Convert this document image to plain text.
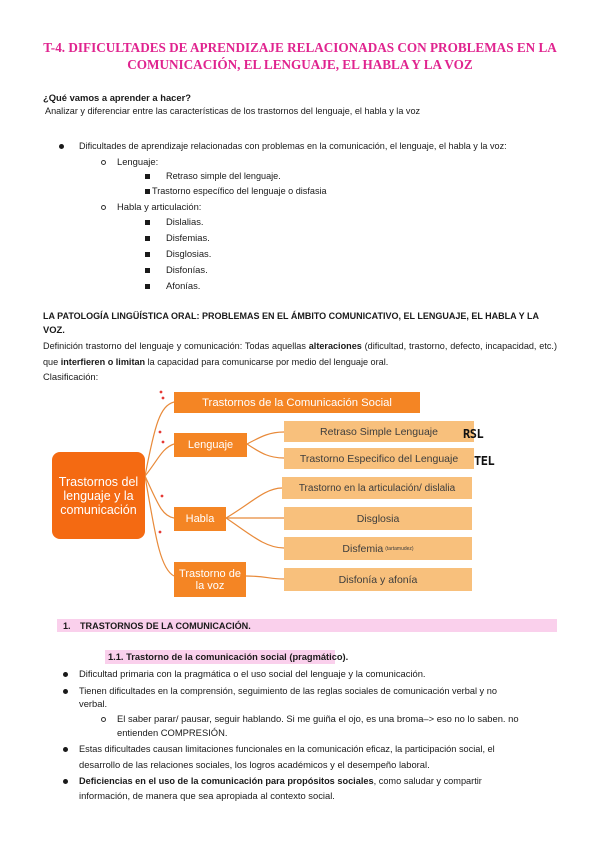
T-4. DIFICULTADES DE APRENDIZAJE RELACIONADAS CON PROBLEMAS EN LA
COMUNICACIÓN, EL LENGUAJE, EL HABLA Y LA VOZ
¿Qué vamos a aprender a hacer?
Analizar y diferenciar entre las características de los trastornos del lenguaje, el habla y la voz
Dificultades de aprendizaje relacionadas con problemas en la comunicación, el lenguaje, el habla y la voz:
Lenguaje:
Retraso simple del lenguaje.
Trastorno específico del lenguaje o disfasia
Habla y articulación:
Dislalias.
Disfemias.
Disglosias.
Disfonías.
Afonías.
LA PATOLOGÍA LINGÜÍSTICA ORAL: PROBLEMAS EN EL ÁMBITO COMUNICATIVO, EL LENGUAJE, EL HABLA Y LA
VOZ.
Definición trastorno del lenguaje y comunicación: Todas aquellas alteraciones (dificultad, trastorno, defecto, incapacidad, etc.) que interfieren o limitan la capacidad para comunicarse por medio del lenguaje oral.
Clasificación:
Trastornos del lenguaje y la comunicación
Trastornos de la Comunicación Social
Lenguaje
Habla
Trastorno de la voz
Retraso Simple Lenguaje
Trastorno Especifico del Lenguaje
Trastorno en la articulación/ dislalia
Disglosia
Disfemia (tartamudez)
Disfonía y afonía
RSL
TEL
1. TRASTORNOS DE LA COMUNICACIÓN.
1.1. Trastorno de la comunicación social (pragmático).
Dificultad primaria con la pragmática o el uso social del lenguaje y la comunicación.
Tienen dificultades en la comprensión, seguimiento de las reglas sociales de comunicación verbal y no
verbal.
El saber parar/ pausar, seguir hablando. Si me guiña el ojo, es una broma–> eso no lo saben. no
entienden COMPRESIÓN.
Estas dificultades causan limitaciones funcionales en la comunicación eficaz, la participación social, el
desarrollo de las relaciones sociales, los logros académicos y el desempeño laboral.
Deficiencias en el uso de la comunicación para propósitos sociales, como saludar y compartir
información, de manera que sea apropiada al contexto social.
